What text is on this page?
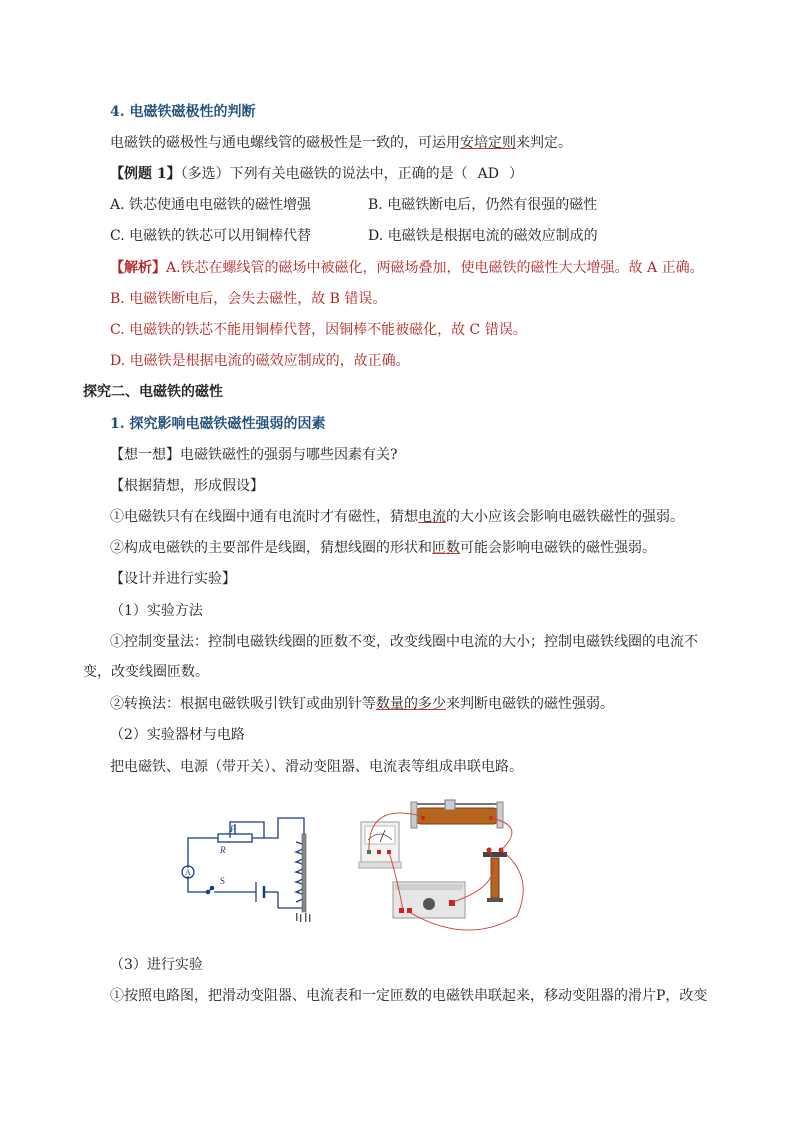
4. 电磁铁磁极性的判断
电磁铁的磁极性与通电螺线管的磁极性是一致的，可运用安培定则来判定。
【例题 1】（多选）下列有关电磁铁的说法中，正确的是（ AD ）
A. 铁芯使通电电磁铁的磁性增强	B. 电磁铁断电后，仍然有很强的磁性
C. 电磁铁的铁芯可以用铜棒代替	D. 电磁铁是根据电流的磁效应制成的
【解析】A.铁芯在螺线管的磁场中被磁化，两磁场叠加，使电磁铁的磁性大大增强。故 A 正确。
B. 电磁铁断电后，会失去磁性，故 B 错误。
C. 电磁铁的铁芯不能用铜棒代替，因铜棒不能被磁化，故 C 错误。
D. 电磁铁是根据电流的磁效应制成的，故正确。
探究二、电磁铁的磁性
1. 探究影响电磁铁磁性强弱的因素
【想一想】电磁铁磁性的强弱与哪些因素有关?
【根据猜想，形成假设】
①电磁铁只有在线圈中通有电流时才有磁性，猜想电流的大小应该会影响电磁铁磁性的强弱。
②构成电磁铁的主要部件是线圈，猜想线圈的形状和匝数可能会影响电磁铁的磁性强弱。
【设计并进行实验】
（1）实验方法
①控制变量法：控制电磁铁线圈的匝数不变，改变线圈中电流的大小；控制电磁铁线圈的电流不变，改变线圈匝数。
②转换法：根据电磁铁吸引铁钉或曲别针等数量的多少来判断电磁铁的磁性强弱。
（2）实验器材与电路
把电磁铁、电源（带开关）、滑动变阻器、电流表等组成串联电路。
P
R
A
S
（3）进行实验
①按照电路图，把滑动变阻器、电流表和一定匝数的电磁铁串联起来，移动变阻器的滑片P，改变
